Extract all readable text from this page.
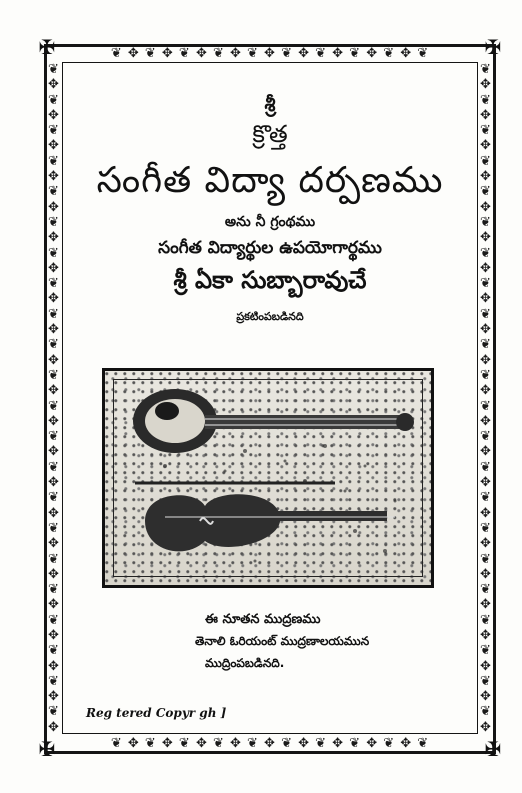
❦ ✥ ❦ ✥ ❦ ✥ ❦ ✥ ❦ ✥ ❦ ✥ ❦ ✥ ❦ ✥ ❦ ✥ ❦
❦ ✥ ❦ ✥ ❦ ✥ ❦ ✥ ❦ ✥ ❦ ✥ ❦ ✥ ❦ ✥ ❦ ✥ ❦
❦✥❦✥❦✥❦✥❦✥❦✥❦✥❦✥❦✥❦✥❦✥❦✥❦✥❦✥❦✥❦✥❦✥❦✥❦✥❦✥❦✥❦✥
❦✥❦✥❦✥❦✥❦✥❦✥❦✥❦✥❦✥❦✥❦✥❦✥❦✥❦✥❦✥❦✥❦✥❦✥❦✥❦✥❦✥❦✥
✠	✠
✠	✠
శ్రీ
క్రొత్త
సంగీత విద్యా దర్పణము
అను నీ గ్రంథము
సంగీత విద్యార్థుల ఉపయోగార్థము
శ్రీ ఏకా సుబ్బారావుచే
ప్రకటింపబడినది
ఈ నూతన ముద్రణము
తెనాలి ఓరియంట్ ముద్రణాలయమున
ముద్రింపబడినది.
Reg tered Copyr gh ]
